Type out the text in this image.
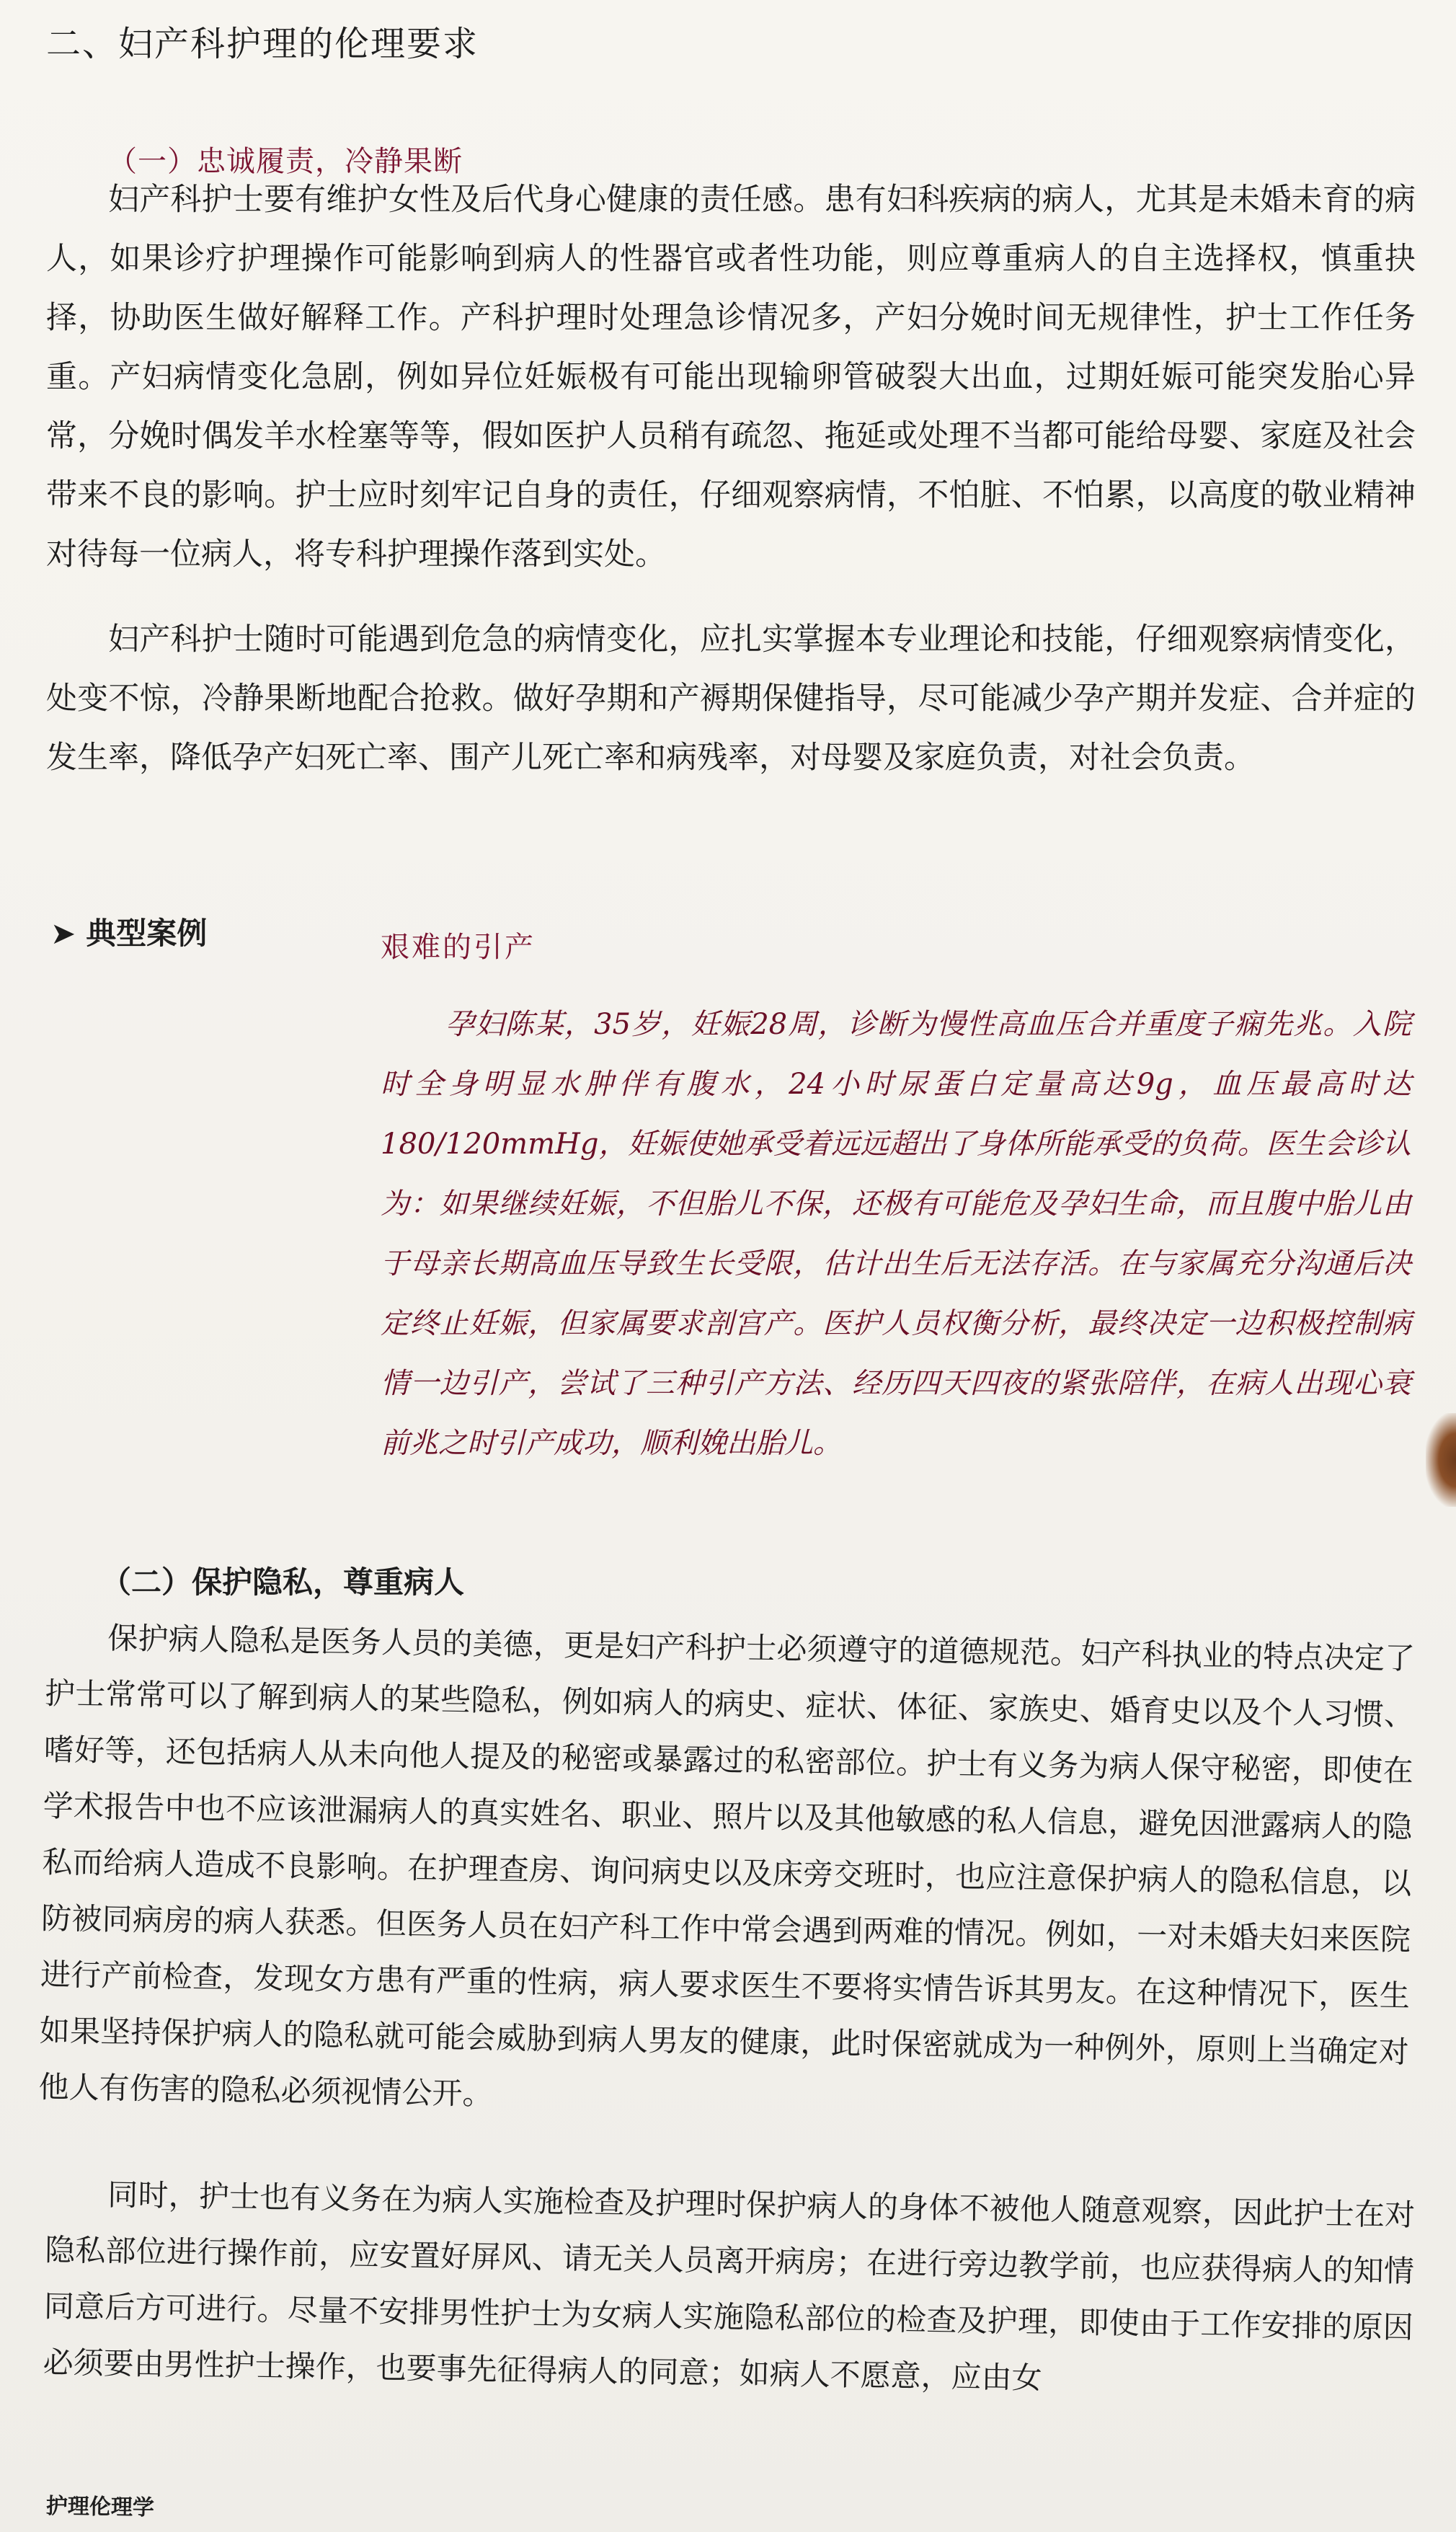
二、妇产科护理的伦理要求
（一）忠诚履责，冷静果断
妇产科护士要有维护女性及后代身心健康的责任感。患有妇科疾病的病人，尤其是未婚未育的病人，如果诊疗护理操作可能影响到病人的性器官或者性功能，则应尊重病人的自主选择权，慎重抉择，协助医生做好解释工作。产科护理时处理急诊情况多，产妇分娩时间无规律性，护士工作任务重。产妇病情变化急剧，例如异位妊娠极有可能出现输卵管破裂大出血，过期妊娠可能突发胎心异常，分娩时偶发羊水栓塞等等，假如医护人员稍有疏忽、拖延或处理不当都可能给母婴、家庭及社会带来不良的影响。护士应时刻牢记自身的责任，仔细观察病情，不怕脏、不怕累，以高度的敬业精神对待每一位病人，将专科护理操作落到实处。
妇产科护士随时可能遇到危急的病情变化，应扎实掌握本专业理论和技能，仔细观察病情变化，处变不惊，冷静果断地配合抢救。做好孕期和产褥期保健指导，尽可能减少孕产期并发症、合并症的发生率，降低孕产妇死亡率、围产儿死亡率和病残率，对母婴及家庭负责，对社会负责。
➤ 典型案例	艰难的引产
孕妇陈某，35岁，妊娠28周，诊断为慢性高血压合并重度子痫先兆。入院时全身明显水肿伴有腹水，24小时尿蛋白定量高达9g，血压最高时达180/120mmHg，妊娠使她承受着远远超出了身体所能承受的负荷。医生会诊认为：如果继续妊娠，不但胎儿不保，还极有可能危及孕妇生命，而且腹中胎儿由于母亲长期高血压导致生长受限，估计出生后无法存活。在与家属充分沟通后决定终止妊娠，但家属要求剖宫产。医护人员权衡分析，最终决定一边积极控制病情一边引产，尝试了三种引产方法、经历四天四夜的紧张陪伴，在病人出现心衰前兆之时引产成功，顺利娩出胎儿。
（二）保护隐私，尊重病人
保护病人隐私是医务人员的美德，更是妇产科护士必须遵守的道德规范。妇产科执业的特点决定了护士常常可以了解到病人的某些隐私，例如病人的病史、症状、体征、家族史、婚育史以及个人习惯、嗜好等，还包括病人从未向他人提及的秘密或暴露过的私密部位。护士有义务为病人保守秘密，即使在学术报告中也不应该泄漏病人的真实姓名、职业、照片以及其他敏感的私人信息，避免因泄露病人的隐私而给病人造成不良影响。在护理查房、询问病史以及床旁交班时，也应注意保护病人的隐私信息，以防被同病房的病人获悉。但医务人员在妇产科工作中常会遇到两难的情况。例如，一对未婚夫妇来医院进行产前检查，发现女方患有严重的性病，病人要求医生不要将实情告诉其男友。在这种情况下，医生如果坚持保护病人的隐私就可能会威胁到病人男友的健康，此时保密就成为一种例外，原则上当确定对他人有伤害的隐私必须视情公开。
同时，护士也有义务在为病人实施检查及护理时保护病人的身体不被他人随意观察，因此护士在对隐私部位进行操作前，应安置好屏风、请无关人员离开病房；在进行旁边教学前，也应获得病人的知情同意后方可进行。尽量不安排男性护士为女病人实施隐私部位的检查及护理，即使由于工作安排的原因必须要由男性护士操作，也要事先征得病人的同意；如病人不愿意，应由女
护理伦理学
